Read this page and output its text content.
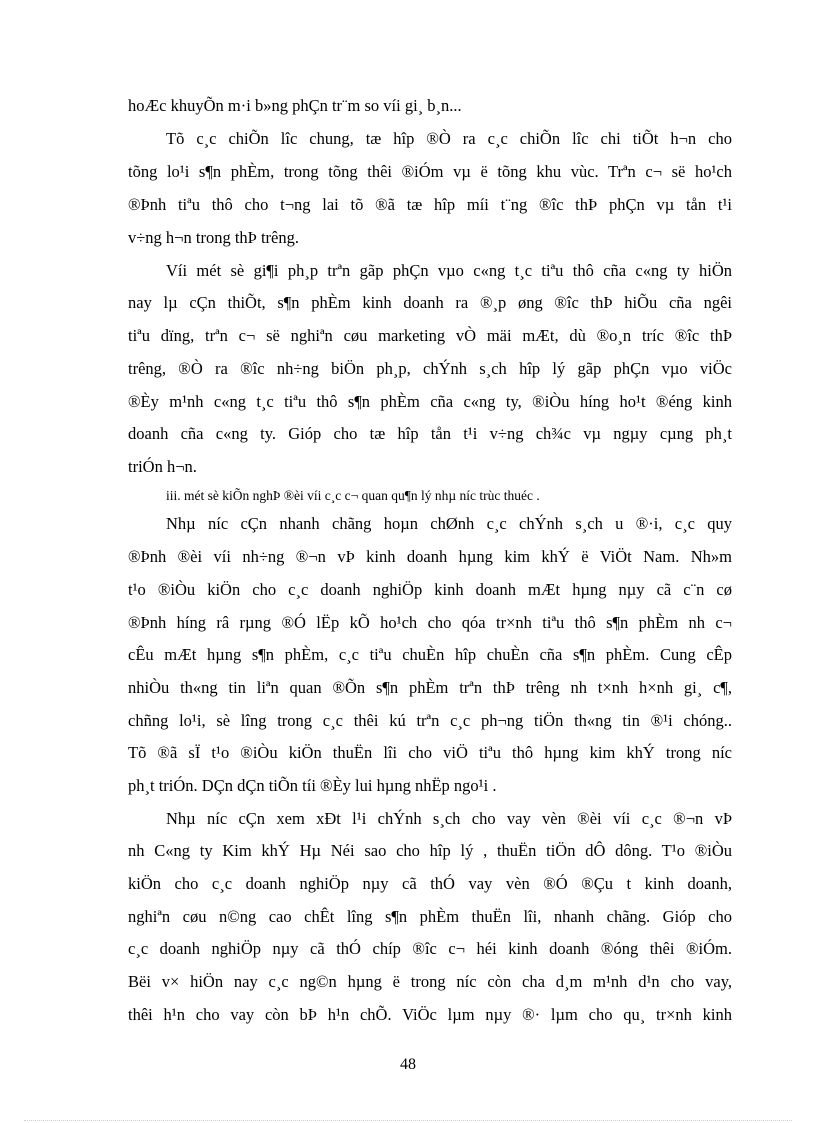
hoÆc khuyÕn m·i b»ng phÇn tr¨m so víi gi¸ b¸n...
Tõ c¸c chiÕn lîc chung, tæ hîp ®Ò ra c¸c chiÕn lîc chi tiÕt h¬n cho
tõng lo¹i s¶n phÈm, trong tõng thêi ®iÓm vµ ë tõng khu vùc. Trªn c¬ së ho¹ch
®Þnh tiªu thô cho t¬ng lai tõ ®ã tæ hîp míi t¨ng ®îc thÞ phÇn vµ tån t¹i
v÷ng h¬n trong thÞ trêng.
Víi mét sè gi¶i ph¸p trªn gãp phÇn vµo c«ng t¸c tiªu thô cña c«ng ty hiÖn
nay lµ cÇn thiÕt, s¶n phÈm kinh doanh ra ®¸p øng ®îc thÞ hiÕu cña ngêi
tiªu dïng, trªn c¬ së nghiªn cøu marketing vÒ mäi mÆt, dù ®o¸n tríc ®îc thÞ
trêng, ®Ò ra ®îc nh÷ng biÖn ph¸p, chÝnh s¸ch hîp lý gãp phÇn vµo viÖc
®Èy m¹nh c«ng t¸c tiªu thô s¶n phÈm cña c«ng ty, ®iÒu híng ho¹t ®éng kinh
doanh cña c«ng ty. Gióp cho tæ hîp tån t¹i v÷ng ch¾c vµ ngµy cµng ph¸t
triÓn h¬n.
iii. mét sè kiÕn nghÞ ®èi víi c¸c c¬ quan qu¶n lý nhµ níc trùc thuéc .
Nhµ níc cÇn nhanh chãng hoµn chØnh c¸c chÝnh s¸ch u ®·i, c¸c quy
®Þnh ®èi víi nh÷ng ®¬n vÞ kinh doanh hµng kim khÝ ë ViÖt Nam. Nh»m
t¹o ®iÒu kiÖn cho c¸c doanh nghiÖp kinh doanh mÆt hµng nµy cã c¨n cø
®Þnh híng râ rµng ®Ó lËp kÕ ho¹ch cho qóa tr×nh tiªu thô s¶n phÈm nh c¬
cÊu mÆt hµng s¶n phÈm, c¸c tiªu chuÈn hîp chuÈn cña s¶n phÈm. Cung cÊp
nhiÒu th«ng tin liªn quan ®Õn s¶n phÈm trªn thÞ trêng nh t×nh h×nh gi¸ c¶,
chñng lo¹i, sè lîng trong c¸c thêi kú trªn c¸c ph¬ng tiÖn th«ng tin ®¹i chóng..
Tõ ®ã sÏ t¹o ®iÒu kiÖn thuËn lîi cho viÖ tiªu thô hµng kim khÝ trong níc
ph¸t triÓn. DÇn dÇn tiÕn tíi ®Èy lui hµng nhËp ngo¹i .
Nhµ níc cÇn xem xÐt l¹i chÝnh s¸ch cho vay vèn ®èi víi c¸c ®¬n vÞ
nh C«ng ty Kim khÝ Hµ Néi sao cho hîp lý , thuËn tiÖn dÔ dông. T¹o ®iÒu
kiÖn cho c¸c doanh nghiÖp nµy cã thÓ vay vèn ®Ó ®Çu t kinh doanh,
nghiªn cøu n©ng cao chÊt lîng s¶n phÈm thuËn lîi, nhanh chãng. Gióp cho
c¸c doanh nghiÖp nµy cã thÓ chíp ®îc c¬ héi kinh doanh ®óng thêi ®iÓm.
Bëi v× hiÖn nay c¸c ng©n hµng ë trong níc còn cha d¸m m¹nh d¹n cho vay,
thêi h¹n cho vay còn bÞ h¹n chÕ. ViÖc lµm nµy ®· lµm cho qu¸ tr×nh kinh
48
